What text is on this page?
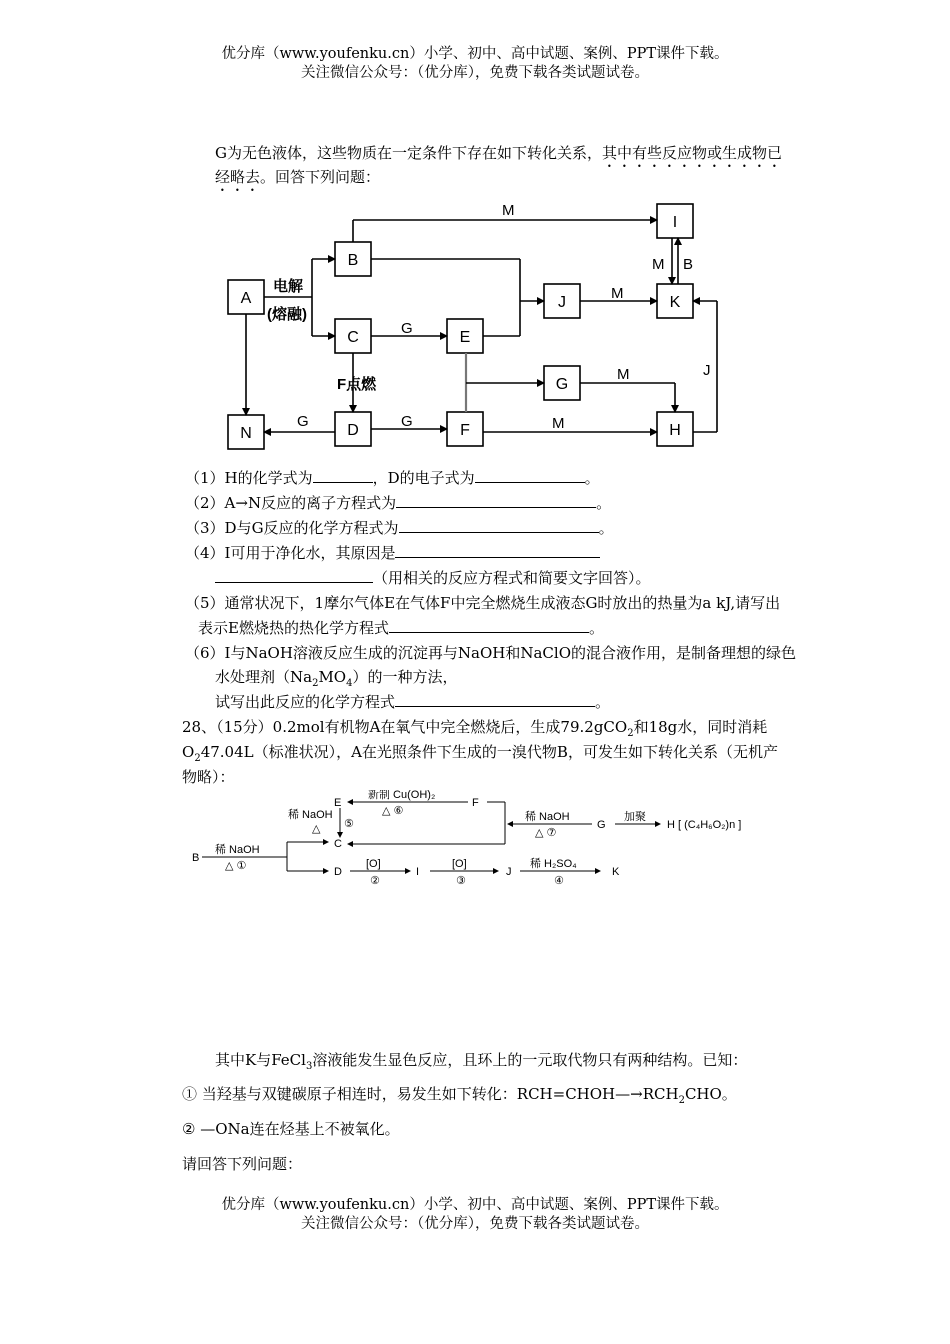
优分库（www.youfenku.cn）小学、初中、高中试题、案例、PPT课件下载。
关注微信公众号：（优分库），免费下载各类试题试卷。
G为无色液体，这些物质在一定条件下存在如下转化关系，其中有些反应物或生成物已
经略去。回答下列问题：
A
B
C	E
D	F
N
J
G
I
K
H
电解
(熔融)
F点燃
M
G
G	G	M
M
M
M B
J
（1）H的化学式为	，D的电子式为	。
（2）A→N反应的离子方程式为	。
（3）D与G反应的化学方程式为	。
（4）I可用于净化水，其原因是
（用相关的反应方程式和简要文字回答）。
（5）通常状况下，1摩尔气体E在气体F中完全燃烧生成液态G时放出的热量为a kJ,请写出
表示E燃烧热的热化学方程式	。
（6）I与NaOH溶液反应生成的沉淀再与NaOH和NaClO的混合液作用，是制备理想的绿色
水处理剂$(Na_2MO_4)$的一种方法，
试写出此反应的化学方程式	。
28、（15分）0.2mol有机物A在氧气中完全燃烧后，生成79.2gCO$_2$和18g水，同时消耗
$O_247.04L$（标准状况），A在光照条件下生成的一溴代物B，可发生如下转化关系（无机产
物略）：
B
C
D
E	F
G	H [ (C₄H₆O₂)n ]
I	J	K
稀 NaOH
△ ①
稀 NaOH
△ ⑤
新制 Cu(OH)₂
△ ⑥	稀 NaOH
△ ⑦
加聚
[O]
②
[O]
③
稀 H₂SO₄
④
其中K与FeCl$_3$溶液能发生显色反应，且环上的一元取代物只有两种结构。已知：
① 当羟基与双键碳原子相连时，易发生如下转化：$RCH=CHOH—\to RCH_2CHO$。
② —ONa连在烃基上不被氧化。
请回答下列问题：
优分库（www.youfenku.cn）小学、初中、高中试题、案例、PPT课件下载。
关注微信公众号：（优分库），免费下载各类试题试卷。
